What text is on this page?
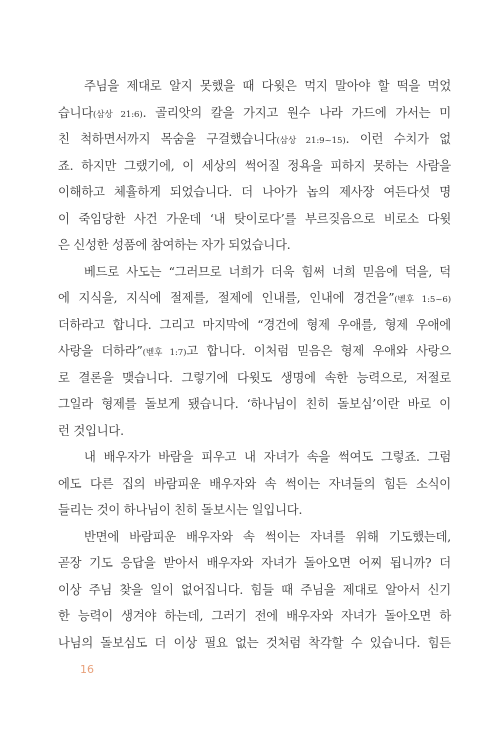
주님을 제대로 알지 못했을 때 다윗은 먹지 말아야 할 떡을 먹었
습니다(삼상 21:6). 골리앗의 칼을 가지고 원수 나라 가드에 가서는 미
친 척하면서까지 목숨을 구걸했습니다(삼상 21:9~15). 이런 수치가 없
죠. 하지만 그랬기에, 이 세상의 썩어질 정욕을 피하지 못하는 사람을
이해하고 체휼하게 되었습니다. 더 나아가 놉의 제사장 여든다섯 명
이 죽임당한 사건 가운데 ‘내 탓이로다’를 부르짖음으로 비로소 다윗
은 신성한 성품에 참여하는 자가 되었습니다.
베드로 사도는 “그러므로 너희가 더욱 힘써 너희 믿음에 덕을, 덕
에 지식을, 지식에 절제를, 절제에 인내를, 인내에 경건을”(벧후 1:5~6)
더하라고 합니다. 그리고 마지막에 “경건에 형제 우애를, 형제 우애에
사랑을 더하라”(벧후 1:7)고 합니다. 이처럼 믿음은 형제 우애와 사랑으
로 결론을 맺습니다. 그렇기에 다윗도 생명에 속한 능력으로, 저절로
그일라 형제를 돌보게 됐습니다. ‘하나님이 친히 돌보심’이란 바로 이
런 것입니다.
내 배우자가 바람을 피우고 내 자녀가 속을 썩여도 그렇죠. 그럼
에도 다른 집의 바람피운 배우자와 속 썩이는 자녀들의 힘든 소식이
들리는 것이 하나님이 친히 돌보시는 일입니다.
반면에 바람피운 배우자와 속 썩이는 자녀를 위해 기도했는데,
곧장 기도 응답을 받아서 배우자와 자녀가 돌아오면 어찌 됩니까? 더
이상 주님 찾을 일이 없어집니다. 힘들 때 주님을 제대로 알아서 신기
한 능력이 생겨야 하는데, 그러기 전에 배우자와 자녀가 돌아오면 하
나님의 돌보심도 더 이상 필요 없는 것처럼 착각할 수 있습니다. 힘든
16
